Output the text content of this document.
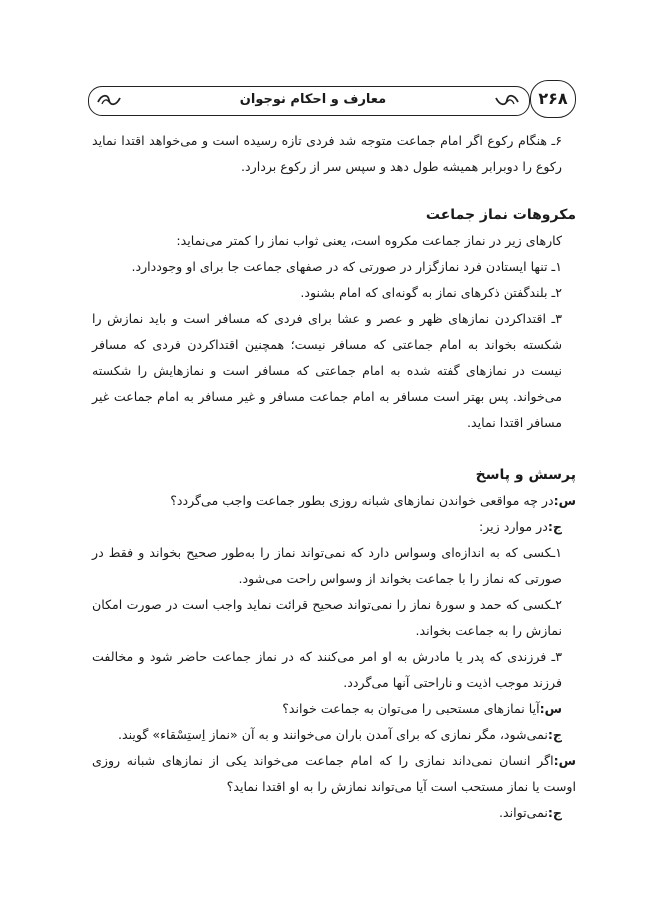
معارف و احکام نوجوان	۲۶۸

۶ـ هنگام رکوع اگر امام جماعت متوجه شد فردی تازه رسیده است و می‌خواهد اقتدا نماید رکوع را دوبرابر همیشه طول دهد و سپس سر از رکوع بردارد.

مکروهات نماز جماعت

کارهای زیر در نماز جماعت مکروه است، یعنی ثواب نماز را کمتر می‌نماید:

۱ـ تنها ایستادن فرد نمازگزار در صورتی که در صفهای جماعت جا برای او وجوددارد.

۲ـ بلندگفتن ذکرهای نماز به گونه‌ای که امام بشنود.

۳ـ اقتداکردن نمازهای ظهر و عصر و عشا برای فردی که مسافر است و باید نمازش را شکسته بخواند به امام جماعتی که مسافر نیست؛ همچنین اقتداکردن فردی که مسافر نیست در نمازهای گفته شده به امام جماعتی که مسافر است و نمازهایش را شکسته می‌خواند. پس بهتر است مسافر به امام جماعت مسافر و غیر مسافر به امام جماعت غیر مسافر اقتدا نماید.

پرسش و پاسخ

س:در چه مواقعی خواندن نمازهای شبانه روزی بطور جماعت واجب می‌گردد؟

ج:در موارد زیر:

۱ـکسی که به اندازه‌ای وسواس دارد که نمی‌تواند نماز را به‌طور صحیح بخواند و فقط در صورتی که نماز را با جماعت بخواند از وسواس راحت می‌شود.

۲ـکسی که حمد و سورۀ نماز را نمی‌تواند صحیح قرائت نماید واجب است در صورت امکان نمازش را به جماعت بخواند.

۳ـ فرزندی که پدر یا مادرش به او امر می‌کنند که در نماز جماعت حاضر شود و مخالفت فرزند موجب اذیت و ناراحتی آنها می‌گردد.

س:آیا نمازهای مستحبی را می‌توان به جماعت خواند؟

ج:نمی‌شود، مگر نمازی که برای آمدن باران می‌خوانند و به آن «نماز اِستِسْقاء» گویند.

س:اگر انسان نمی‌داند نمازی را که امام جماعت می‌خواند یکی از نمازهای شبانه روزی اوست یا نماز مستحب است آیا می‌تواند نمازش را به او اقتدا نماید؟

ج:نمی‌تواند.
